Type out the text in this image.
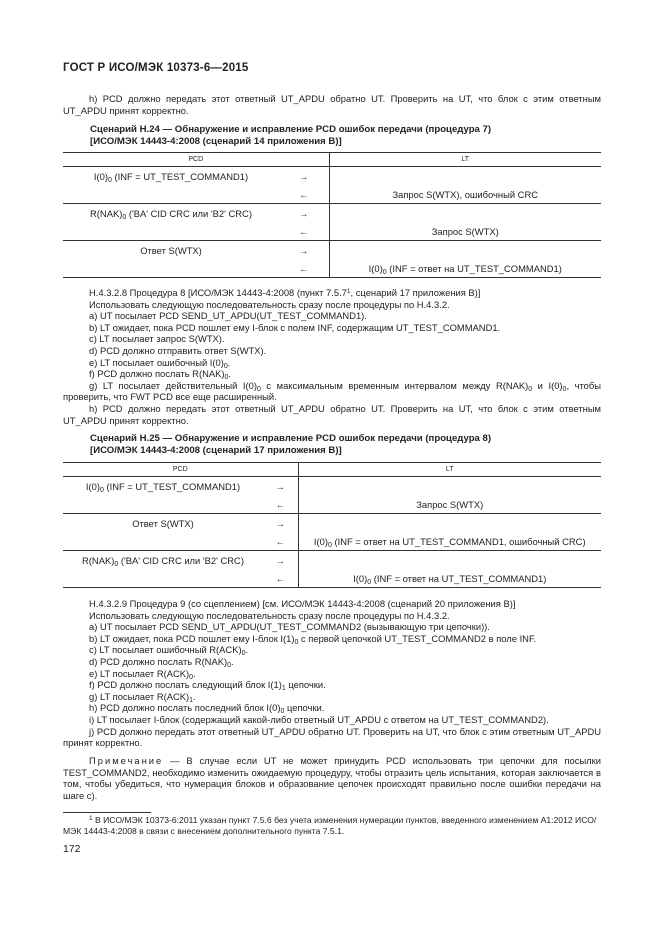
ГОСТ Р ИСО/МЭК 10373-6—2015
h) PCD должно передать этот ответный UT_APDU обратно UT. Проверить на UT, что блок с этим ответным UT_APDU принят корректно.
Сценарий Н.24 — Обнаружение и исправление PCD ошибок передачи (процедура 7)
[ИСО/МЭК 14443-4:2008 (сценарий 14 приложения В)]
PCD		LT
$I(0)_0$ (INF = UT_TEST_COMMAND1)	→	
	←	Запрос S(WTX), ошибочный CRC
$R(NAK)_0$ ('BA' CID CRC или 'B2' CRC)	→	
	←	Запрос S(WTX)
Ответ S(WTX)	→	
	←	$I(0)_0$ (INF = ответ на UT_TEST_COMMAND1)
Н.4.3.2.8 Процедура 8 [ИСО/МЭК 14443-4:2008 (пункт 7.5.7$^1$, сценарий 17 приложения В)]
Использовать следующую последовательность сразу после процедуры по Н.4.3.2.
a) UT посылает PCD SEND_UT_APDU(UT_TEST_COMMAND1).
b) LT ожидает, пока PCD пошлет ему I-блок с полем INF, содержащим UT_TEST_COMMAND1.
c) LT посылает запрос S(WTX).
d) PCD должно отправить ответ S(WTX).
e) LT посылает ошибочный $I(0)_0$.
f) PCD должно послать $R(NAK)_0$.
g) LT посылает действительный $I(0)_0$ с максимальным временным интервалом между $R(NAK)_0$ и $I(0)_0$, чтобы проверить, что FWT PCD все еще расширенный.
h) PCD должно передать этот ответный UT_APDU обратно UT. Проверить на UT, что блок с этим ответным UT_APDU принят корректно.
Сценарий Н.25 — Обнаружение и исправление PCD ошибок передачи (процедура 8)
[ИСО/МЭК 14443-4:2008 (сценарий 17 приложения В)]
PCD		LT
$I(0)_0$ (INF = UT_TEST_COMMAND1)	→	
	←	Запрос S(WTX)
Ответ S(WTX)	→	
	←	$I(0)_0$ (INF = ответ на UT_TEST_COMMAND1, ошибочный CRC)
$R(NAK)_0$ ('BA' CID CRC или 'B2' CRC)	→	
	←	$I(0)_0$ (INF = ответ на UT_TEST_COMMAND1)
Н.4.3.2.9 Процедура 9 (со сцеплением) [см. ИСО/МЭК 14443-4:2008 (сценарий 20 приложения В)]
Использовать следующую последовательность сразу после процедуры по Н.4.3.2.
a) UT посылает PCD SEND_UT_APDU(UT_TEST_COMMAND2 (вызывающую три цепочки)).
b) LT ожидает, пока PCD пошлет ему I-блок $I(1)_0$ с первой цепочкой UT_TEST_COMMAND2 в поле INF.
c) LT посылает ошибочный $R(ACK)_0$.
d) PCD должно послать $R(NAK)_0$.
e) LT посылает $R(ACK)_0$.
f) PCD должно послать следующий блок $I(1)_1$ цепочки.
g) LT посылает $R(ACK)_1$.
h) PCD должно послать последний блок $I(0)_0$ цепочки.
i) LT посылает I-блок (содержащий какой-либо ответный UT_APDU с ответом на UT_TEST_COMMAND2).
j) PCD должно передать этот ответный UT_APDU обратно UT. Проверить на UT, что блок с этим ответным UT_APDU принят корректно.
Примечание — В случае если UT не может принудить PCD использовать три цепочки для посылки TEST_COMMAND2, необходимо изменить ожидаемую процедуру, чтобы отразить цель испытания, которая заключается в том, чтобы убедиться, что нумерация блоков и образование цепочек происходят правильно после ошибки передачи на шаге с).
$^1$ В ИСО/МЭК 10373-6:2011 указан пункт 7.5.6 без учета изменения нумерации пунктов, введенного изменением А1:2012 ИСО/МЭК 14443-4:2008 в связи с внесением дополнительного пункта 7.5.1.
172
